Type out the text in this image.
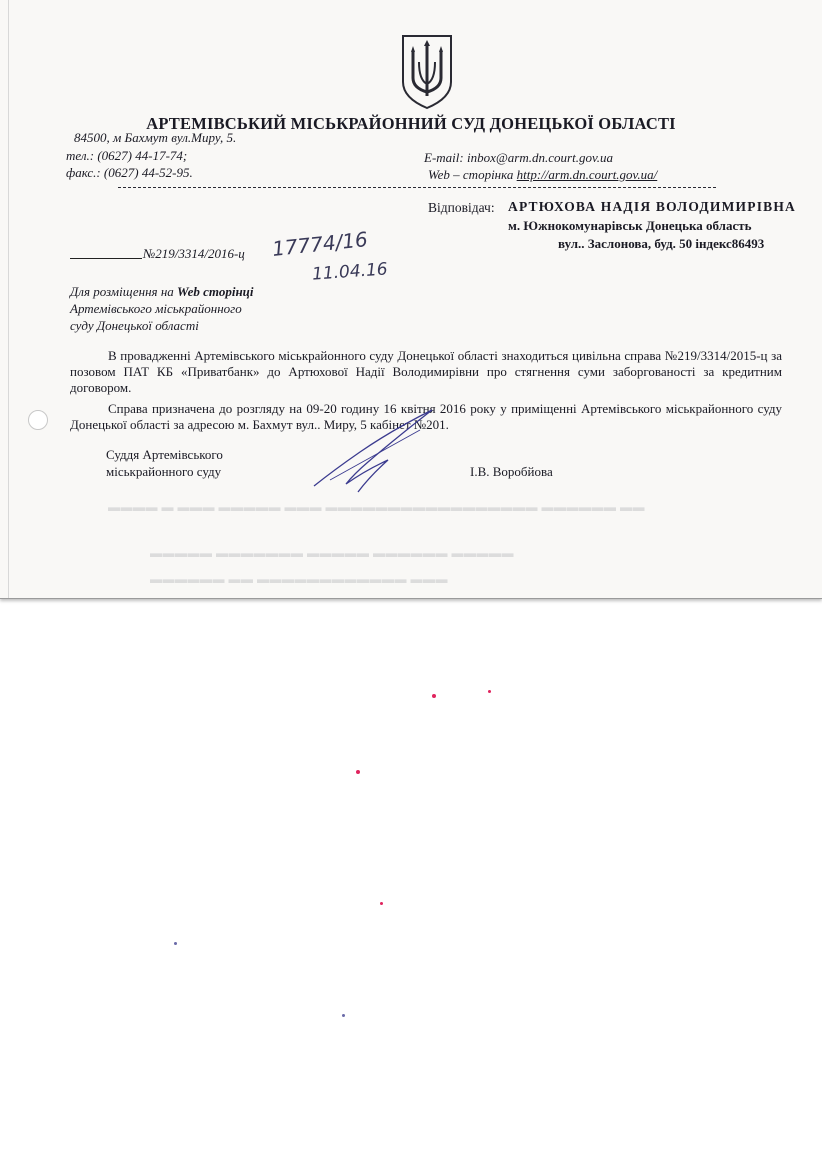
АРТЕМІВСЬКИЙ МІСЬКРАЙОННИЙ СУД ДОНЕЦЬКОЇ ОБЛАСТІ
84500, м Бахмут вул.Миру, 5.
тел.: (0627) 44-17-74;
факс.: (0627) 44-52-95.
E-mail: inbox@arm.dn.court.gov.ua
Web – сторінка http://arm.dn.court.gov.ua/
Відповідач: АРТЮХОВА НАДІЯ ВОЛОДИМИРІВНА
м. Южнокомунарівськ Донецька область
вул.. Заслонова, буд. 50 індекс86493
№219/3314/2016-ц 17774/16
11.04.16
Для розміщення на Web сторінці
Артемівського міськрайонного
суду Донецької області
В провадженні Артемівського міськрайонного суду Донецької області знаходиться цивільна справа №219/3314/2015-ц за позовом ПАТ КБ «Приватбанк» до Артюхової Надії Володимирівни про стягнення суми заборгованості за кредитним договором.
Справа призначена до розгляду на 09-20 годину 16 квітня 2016 року у приміщенні Артемівського міськрайонного суду Донецької області за адресою м. Бахмут вул.. Миру, 5 кабінет №201.
Суддя Артемівського
міськрайонного суду	І.В. Воробйова
▬▬▬▬ ▬ ▬▬▬ ▬▬▬▬▬ ▬▬▬ ▬▬▬▬▬▬▬▬▬▬▬▬▬▬▬▬▬ ▬▬▬▬▬▬ ▬▬
▬▬▬▬▬ ▬▬▬▬▬▬▬ ▬▬▬▬▬ ▬▬▬▬▬▬ ▬▬▬▬▬
▬▬▬▬▬▬ ▬▬ ▬▬▬▬▬▬▬▬▬▬▬▬ ▬▬▬
